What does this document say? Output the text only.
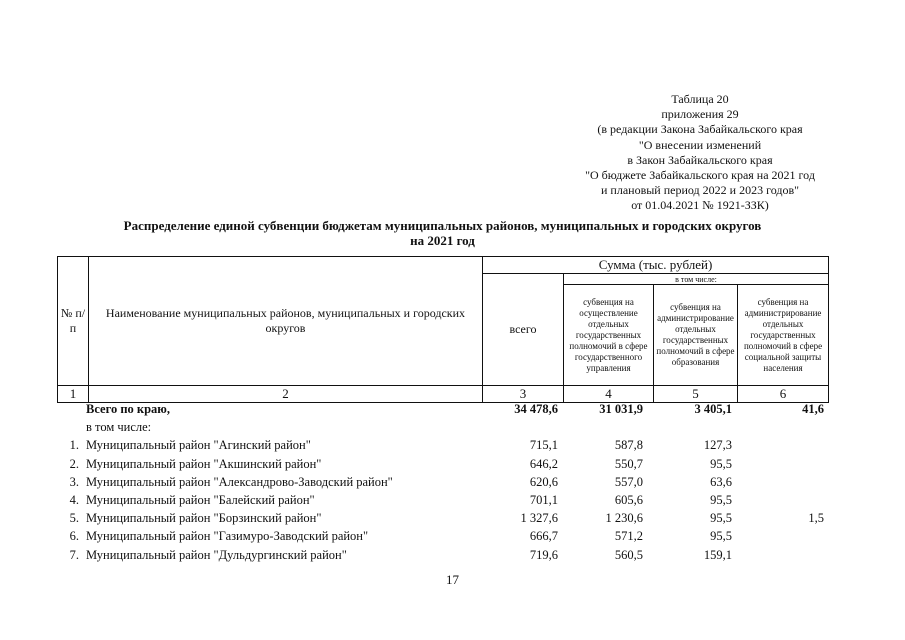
Таблица 20
приложения 29
(в редакции Закона Забайкальского края
"О внесении изменений
в Закон Забайкальского края
"О бюджете Забайкальского края на 2021 год
и плановый период 2022 и 2023 годов"
от 01.04.2021 № 1921-ЗЗК)
Распределение единой субвенции бюджетам муниципальных районов, муниципальных и городских округов
на 2021 год
№ п/п	Наименование муниципальных районов, муниципальных и городских округов	Сумма (тыс. рублей)			
		всего	в том числе:		
			субвенция на осуществление отдельных государственных полномочий в сфере государственного управления	субвенция на администрирование отдельных государственных полномочий в сфере образования	субвенция на администрирование отдельных государственных полномочий в сфере социальной защиты населения
1	2	3	4	5	6
Всего по краю,	34 478,6	31 031,9	3 405,1	41,6
в том числе:
1. Муниципальный район "Агинский район"	715,1	587,8	127,3
2. Муниципальный район "Акшинский район"	646,2	550,7	95,5
3. Муниципальный район "Александрово-Заводский район"	620,6	557,0	63,6
4. Муниципальный район "Балейский район"	701,1	605,6	95,5
5. Муниципальный район "Борзинский район"	1 327,6	1 230,6	95,5	1,5
6. Муниципальный район "Газимуро-Заводский район"	666,7	571,2	95,5
7. Муниципальный район "Дульдургинский район"	719,6	560,5	159,1
17
